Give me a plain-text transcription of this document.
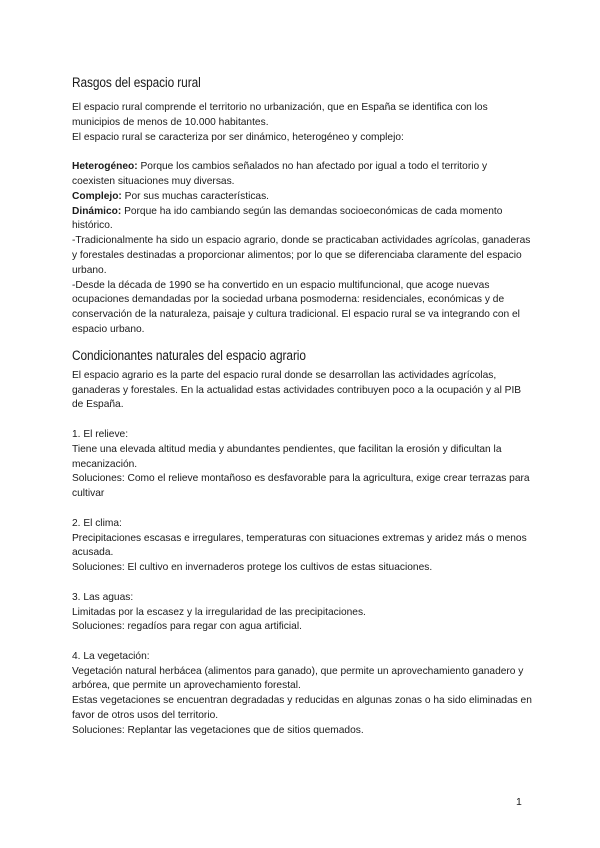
Rasgos del espacio rural

El espacio rural comprende el territorio no urbanización, que en España se identifica con los municipios de menos de 10.000 habitantes.

El espacio rural se caracteriza por ser dinámico, heterogéneo y complejo:

Heterogéneo: Porque los cambios señalados no han afectado por igual a todo el territorio y coexisten situaciones muy diversas.

Complejo: Por sus muchas características.

Dinámico: Porque ha ido cambiando según las demandas socioeconómicas de cada momento histórico.

-Tradicionalmente ha sido un espacio agrario, donde se practicaban actividades agrícolas, ganaderas y forestales destinadas a proporcionar alimentos; por lo que se diferenciaba claramente del espacio urbano.

-Desde la década de 1990 se ha convertido en un espacio multifuncional, que acoge nuevas ocupaciones demandadas por la sociedad urbana posmoderna: residenciales, económicas y de conservación de la naturaleza, paisaje y cultura tradicional. El espacio rural se va integrando con el espacio urbano.

Condicionantes naturales del espacio agrario

El espacio agrario es la parte del espacio rural donde se desarrollan las actividades agrícolas, ganaderas y forestales. En la actualidad estas actividades contribuyen poco a la ocupación y al PIB de España.

1. El relieve:

Tiene una elevada altitud media y abundantes pendientes, que facilitan la erosión y dificultan la mecanización.

Soluciones: Como el relieve montañoso es desfavorable para la agricultura, exige crear terrazas para cultivar

2. El clima:

Precipitaciones escasas e irregulares, temperaturas con situaciones extremas y aridez más o menos acusada.

Soluciones: El cultivo en invernaderos protege los cultivos de estas situaciones.

3. Las aguas:

Limitadas por la escasez y la irregularidad de las precipitaciones.

Soluciones: regadíos para regar con agua artificial.

4. La vegetación:

Vegetación natural herbácea (alimentos para ganado), que permite un aprovechamiento ganadero y arbórea, que permite un aprovechamiento forestal.

Estas vegetaciones se encuentran degradadas y reducidas en algunas zonas o ha sido eliminadas en favor de otros usos del territorio.

Soluciones: Replantar las vegetaciones que de sitios quemados.

1
